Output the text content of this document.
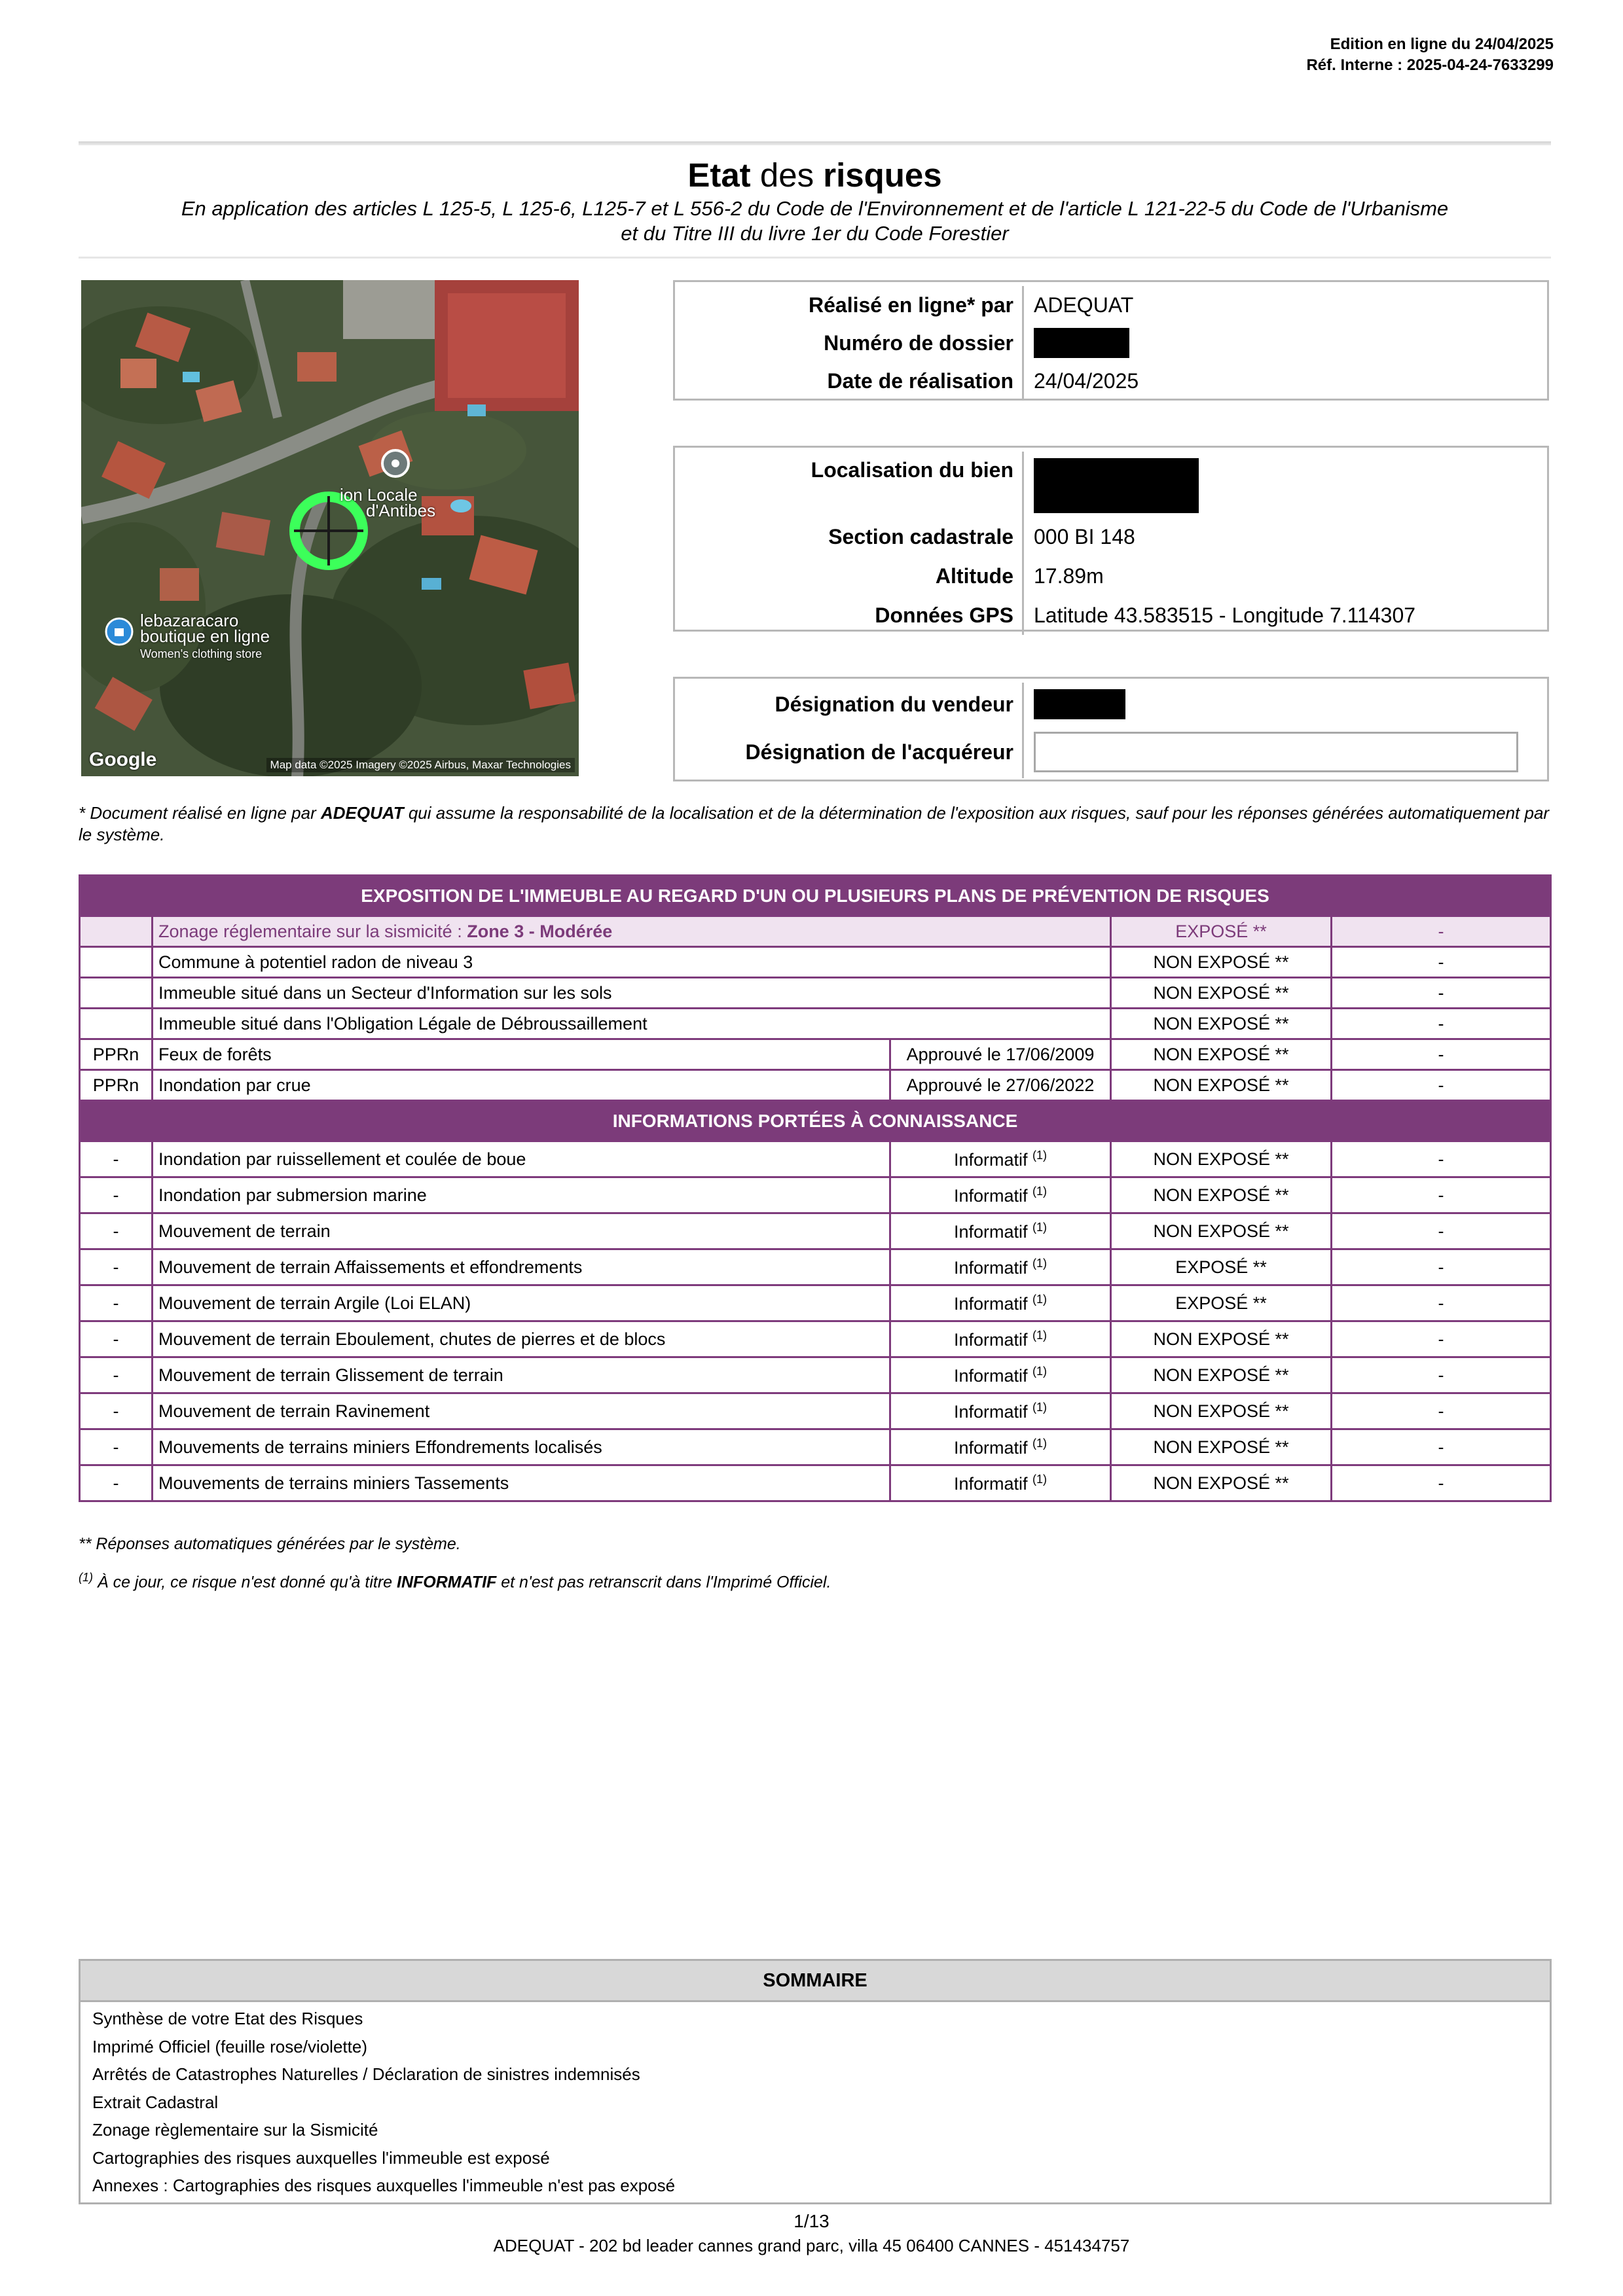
Edition en ligne du 24/04/2025
Réf. Interne : 2025-04-24-7633299
Etat des risques
En application des articles L 125-5, L 125-6, L125-7 et L 556-2 du Code de l'Environnement et de l'article L 121-22-5 du Code de l'Urbanisme
et du Titre III du livre 1er du Code Forestier
ion Locale
d'Antibes
lebazaracaro
boutique en ligne
Women's clothing store
Google	Map data ©2025 Imagery ©2025 Airbus, Maxar Technologies
Réalisé en ligne* par ADEQUAT
Numéro de dossier
Date de réalisation 24/04/2025
Localisation du bien
Section cadastrale 000 BI 148
Altitude 17.89m
Données GPS Latitude 43.583515 - Longitude 7.114307
Désignation du vendeur
Désignation de l'acquéreur
* Document réalisé en ligne par ADEQUAT qui assume la responsabilité de la localisation et de la détermination de l'exposition aux risques, sauf pour les réponses générées automatiquement par le système.
EXPOSITION DE L'IMMEUBLE AU REGARD D'UN OU PLUSIEURS PLANS DE PRÉVENTION DE RISQUES				
	Zonage réglementaire sur la sismicité : Zone 3 - Modérée		EXPOSÉ **	-
	Commune à potentiel radon de niveau 3		NON EXPOSÉ **	-
	Immeuble situé dans un Secteur d'Information sur les sols		NON EXPOSÉ **	-
	Immeuble situé dans l'Obligation Légale de Débroussaillement		NON EXPOSÉ **	-
PPRn	Feux de forêts	Approuvé le 17/06/2009	NON EXPOSÉ **	-
PPRn	Inondation par crue	Approuvé le 27/06/2022	NON EXPOSÉ **	-
INFORMATIONS PORTÉES À CONNAISSANCE				
-	Inondation par ruissellement et coulée de boue	Informatif $^{(1)}$	NON EXPOSÉ **	-
-	Inondation par submersion marine	Informatif $^{(1)}$	NON EXPOSÉ **	-
-	Mouvement de terrain	Informatif $^{(1)}$	NON EXPOSÉ **	-
-	Mouvement de terrain Affaissements et effondrements	Informatif $^{(1)}$	EXPOSÉ **	-
-	Mouvement de terrain Argile (Loi ELAN)	Informatif $^{(1)}$	EXPOSÉ **	-
-	Mouvement de terrain Eboulement, chutes de pierres et de blocs	Informatif $^{(1)}$	NON EXPOSÉ **	-
-	Mouvement de terrain Glissement de terrain	Informatif $^{(1)}$	NON EXPOSÉ **	-
-	Mouvement de terrain Ravinement	Informatif $^{(1)}$	NON EXPOSÉ **	-
-	Mouvements de terrains miniers Effondrements localisés	Informatif $^{(1)}$	NON EXPOSÉ **	-
-	Mouvements de terrains miniers Tassements	Informatif $^{(1)}$	NON EXPOSÉ **	-
** Réponses automatiques générées par le système.
$^{(1)}$ À ce jour, ce risque n'est donné qu'à titre INFORMATIF et n'est pas retranscrit dans l'Imprimé Officiel.
SOMMAIRE
Synthèse de votre Etat des Risques
Imprimé Officiel (feuille rose/violette)
Arrêtés de Catastrophes Naturelles / Déclaration de sinistres indemnisés
Extrait Cadastral
Zonage règlementaire sur la Sismicité
Cartographies des risques auxquelles l'immeuble est exposé
Annexes : Cartographies des risques auxquelles l'immeuble n'est pas exposé
1/13
ADEQUAT - 202 bd leader cannes grand parc, villa 45 06400 CANNES - 451434757
